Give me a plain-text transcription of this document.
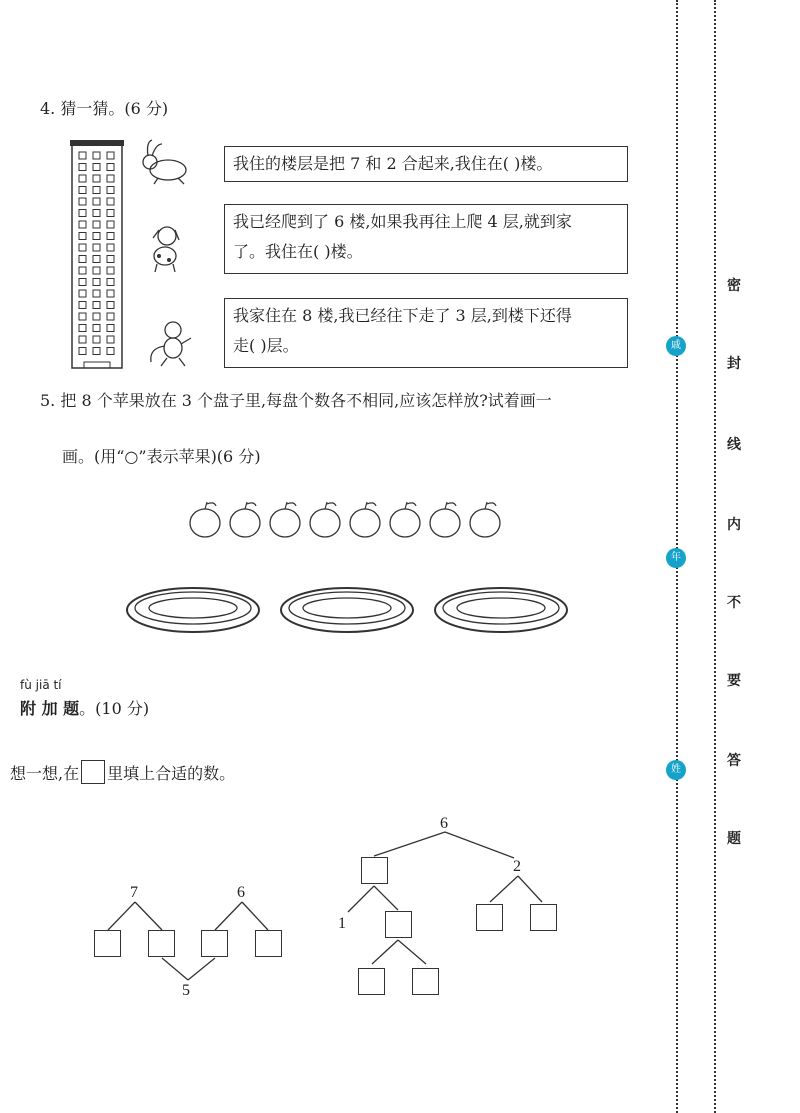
4. 猜一猜。(6 分)
我住的楼层是把 7 和 2 合起来,我住在( )楼。
我已经爬到了 6 楼,如果我再往上爬 4 层,就到家
了。我住在( )楼。
我家住在 8 楼,我已经往下走了 3 层,到楼下还得
走( )层。
5. 把 8 个苹果放在 3 个盘子里,每盘个数各不相同,应该怎样放?试着画一
画。(用“○”表示苹果)(6 分)
fù jiā tí
附 加 题。(10 分)
想一想,在 里填上合适的数。
7	6
5
6
1
2
戚
年
姓
密
封
线
内
不
要
答
题
